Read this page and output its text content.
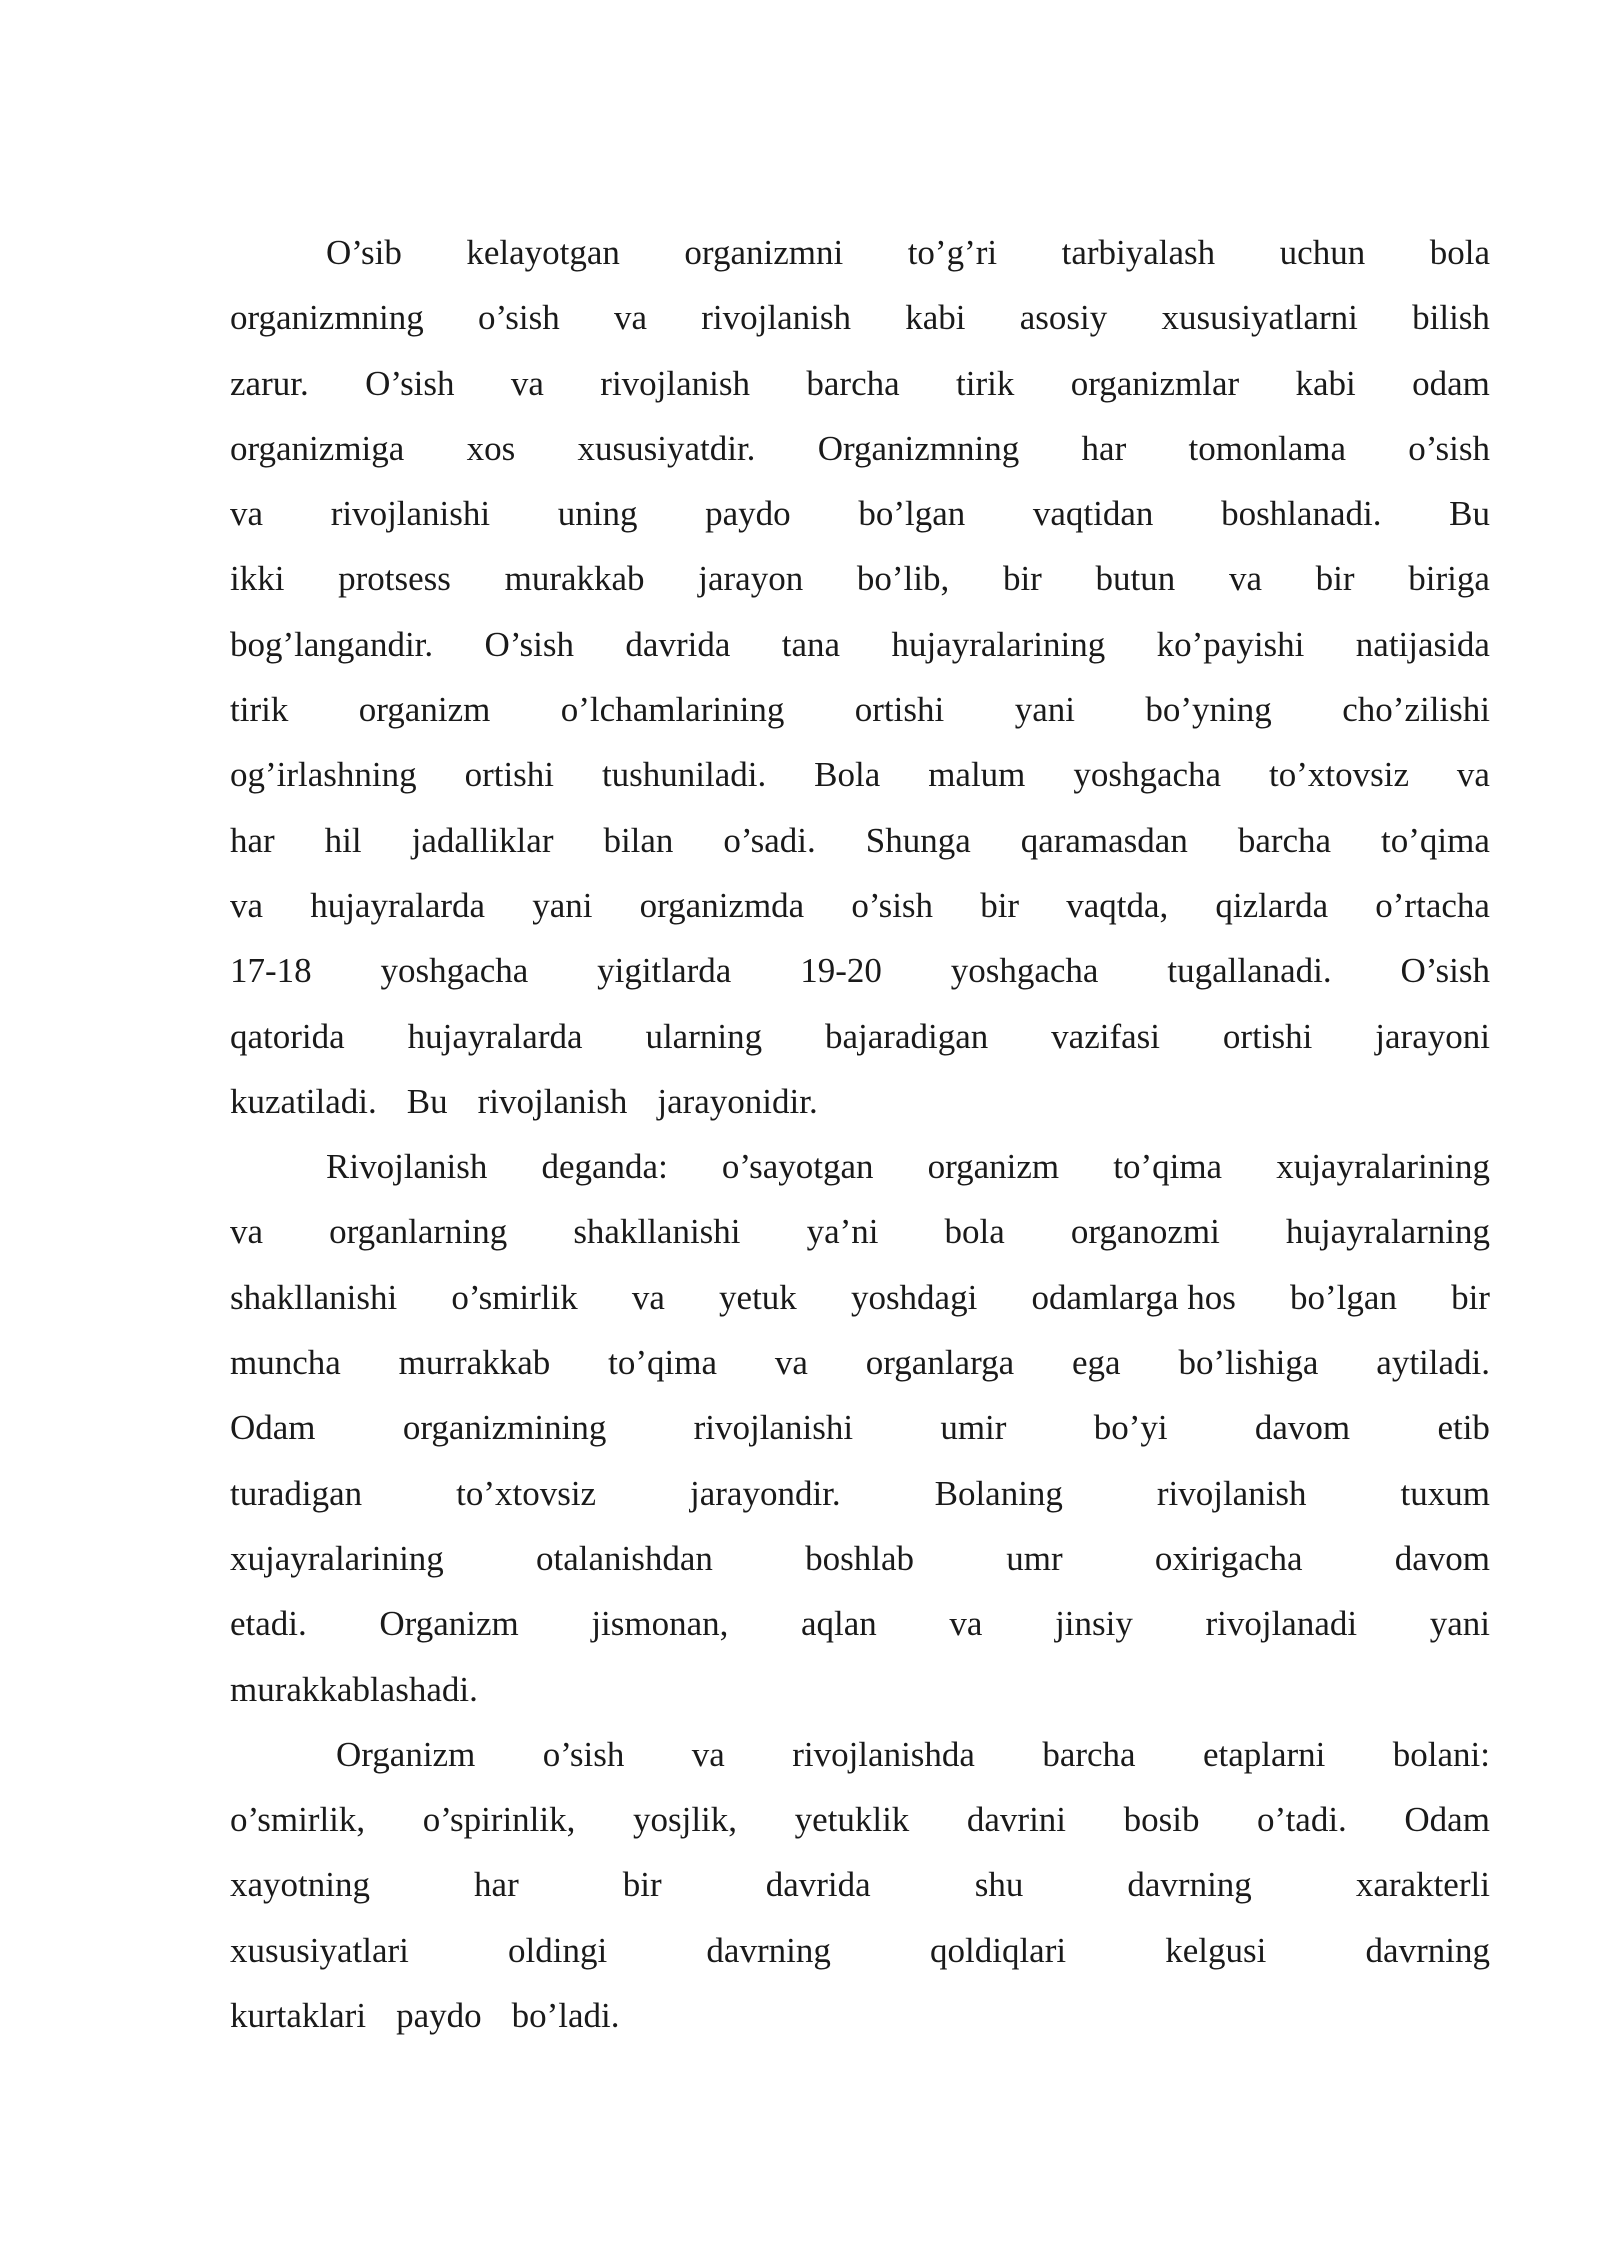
O’sib kelayotgan organizmni to’g’ri tarbiyalash uchun bola
organizmning o’sish va rivojlanish kabi asosiy xususiyatlarni bilish
zarur. O’sish va rivojlanish barcha tirik organizmlar kabi odam
organizmiga xos xususiyatdir. Organizmning har tomonlama o’sish
va rivojlanishi uning paydo bo’lgan vaqtidan boshlanadi. Bu
ikki protsess murakkab jarayon bo’lib, bir butun va bir biriga
bog’langandir. O’sish davrida tana hujayralarining ko’payishi natijasida
tirik organizm o’lchamlarining ortishi yani bo’yning cho’zilishi
og’irlashning ortishi tushuniladi. Bola malum yoshgacha to’xtovsiz va
har hil jadalliklar bilan o’sadi. Shunga qaramasdan barcha to’qima
va hujayralarda yani organizmda o’sish bir vaqtda, qizlarda o’rtacha
17-18 yoshgacha yigitlarda 19-20 yoshgacha tugallanadi. O’sish
qatorida hujayralarda ularning bajaradigan vazifasi ortishi jarayoni
kuzatiladi. Bu rivojlanish jarayonidir.
Rivojlanish deganda: o’sayotgan organizm to’qima xujayralarining
va organlarning shakllanishi ya’ni bola organozmi hujayralarning
shakllanishi o’smirlik va yetuk yoshdagi odamlarga hos bo’lgan bir
muncha murrakkab to’qima va organlarga ega bo’lishiga aytiladi.
Odam organizmining rivojlanishi umir bo’yi davom etib
turadigan	to’xtovsiz	jarayondir.	Bolaning	rivojlanish	tuxum
xujayralarining	otalanishdan	boshlab	umr	oxirigacha	davom
etadi. Organizm jismonan, aqlan va jinsiy rivojlanadi yani
murakkablashadi.
Organizm o’sish va rivojlanishda barcha etaplarni bolani:
o’smirlik, o’spirinlik, yosjlik, yetuklik davrini bosib o’tadi. Odam
xayotning	har	bir	davrida	shu	davrning	xarakterli
xususiyatlari	oldingi	davrning	qoldiqlari	kelgusi	davrning
kurtaklari paydo bo’ladi.
